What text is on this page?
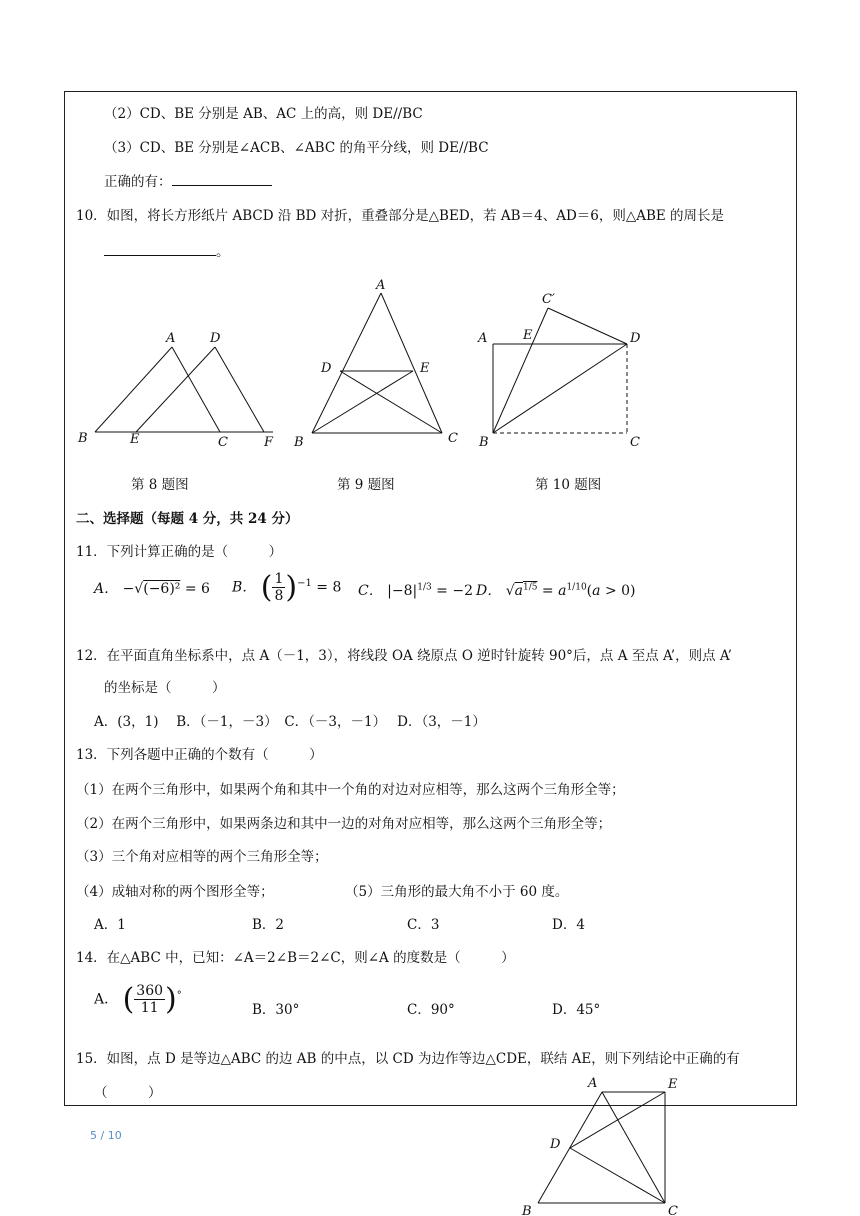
（2）CD、BE 分别是 AB、AC 上的高，则 DE//BC
（3）CD、BE 分别是∠ACB、∠ABC 的角平分线，则 DE//BC
正确的有：
10．如图，将长方形纸片 ABCD 沿 BD 对折，重叠部分是△BED，若 AB＝4、AD＝6，则△ABE 的周长是
。
A	D
B	E	C	F
第 8 题图
A
D	E
B	C
第 9 题图
C′
A	E	D
B	C
第 10 题图
二、选择题（每题 4 分，共 24 分）
11．下列计算正确的是（　　　）
A． −√(−6)² = 6 B． ( $\frac{1}{8} )^{-1} = 8$ C． $|-8|^{1/3} = -2$ D． $√a^{1/5} = a^{1/10}(a > 0)$
12．在平面直角坐标系中，点 A（－1，3），将线段 OA 绕原点 O 逆时针旋转 90°后，点 A 至点 A’，则点 A’
的坐标是（　　　）
A．(3，1)　 B．（－1，－3）　C．（－3，－1）　 D．（3，－1）
13．下列各题中正确的个数有（　　　）
（1）在两个三角形中，如果两个角和其中一个角的对边对应相等，那么这两个三角形全等；
（2）在两个三角形中，如果两条边和其中一边的对角对应相等，那么这两个三角形全等；
（3）三个角对应相等的两个三角形全等；
（4）成轴对称的两个图形全等；	（5）三角形的最大角不小于 60 度。
A．1	B．2	C．3	D．4
14．在△ABC 中，已知：∠A＝2∠B＝2∠C，则∠A 的度数是（　　　）
A． ( $\frac{360}{11} )^\circ$
B．30°	C．90°	D．45°
15．如图，点 D 是等边△ABC 的边 AB 的中点，以 CD 为边作等边△CDE，联结 AE，则下列结论中正确的有
（　　　）
A	E
D
B	C
5 / 10
